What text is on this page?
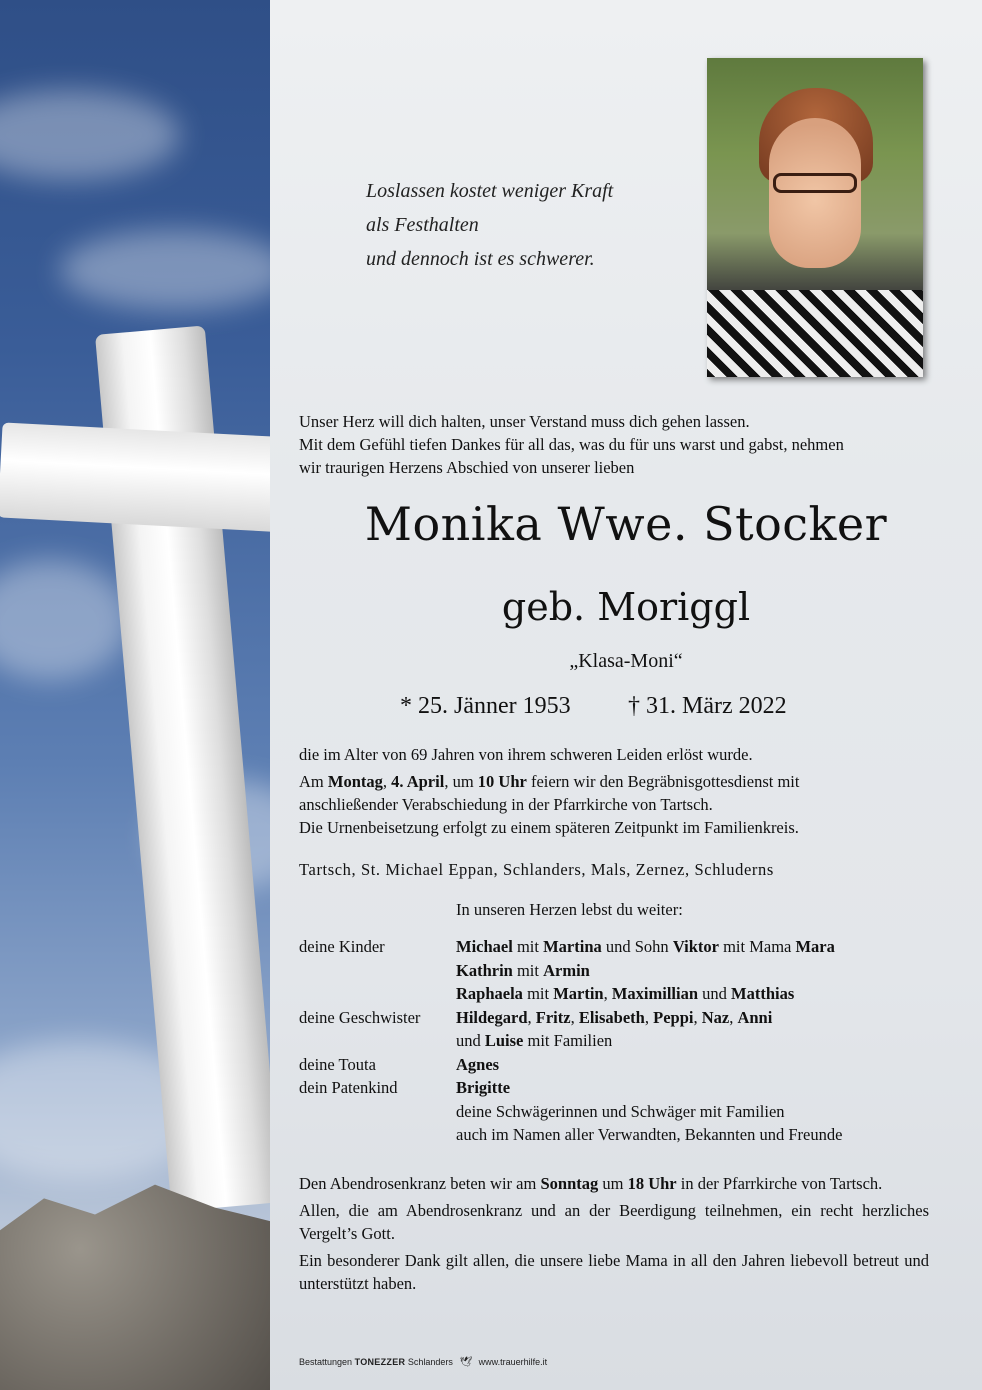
Loslassen kostet weniger Kraft
als Festhalten
und dennoch ist es schwerer.
Unser Herz will dich halten, unser Verstand muss dich gehen lassen.
Mit dem Gefühl tiefen Dankes für all das, was du für uns warst und gabst, nehmen
wir traurigen Herzens Abschied von unserer lieben
Monika Wwe. Stocker
geb. Moriggl
„Klasa-Moni“
* 25. Jänner 1953 † 31. März 2022
die im Alter von 69 Jahren von ihrem schweren Leiden erlöst wurde.
Am Montag, 4. April, um 10 Uhr feiern wir den Begräbnisgottesdienst mit
anschließender Verabschiedung in der Pfarrkirche von Tartsch.
Die Urnenbeisetzung erfolgt zu einem späteren Zeitpunkt im Familienkreis.
Tartsch, St. Michael Eppan, Schlanders, Mals, Zernez, Schluderns
In unseren Herzen lebst du weiter:
deine Kinder	Michael mit Martina und Sohn Viktor mit Mama Mara
Kathrin mit Armin
Raphaela mit Martin, Maximillian und Matthias
deine Geschwister	Hildegard, Fritz, Elisabeth, Peppi, Naz, Anni
und Luise mit Familien
deine Touta	Agnes
dein Patenkind	Brigitte
deine Schwägerinnen und Schwäger mit Familien
auch im Namen aller Verwandten, Bekannten und Freunde

Den Abendrosenkranz beten wir am Sonntag um 18 Uhr in der Pfarrkirche von Tartsch.

Allen, die am Abendrosenkranz und an der Beerdigung teilnehmen, ein recht herzliches Vergelt’s Gott.

Ein besonderer Dank gilt allen, die unsere liebe Mama in all den Jahren liebevoll betreut und unterstützt haben.

Bestattungen TONEZZER Schlanders 🕊 www.trauerhilfe.it
